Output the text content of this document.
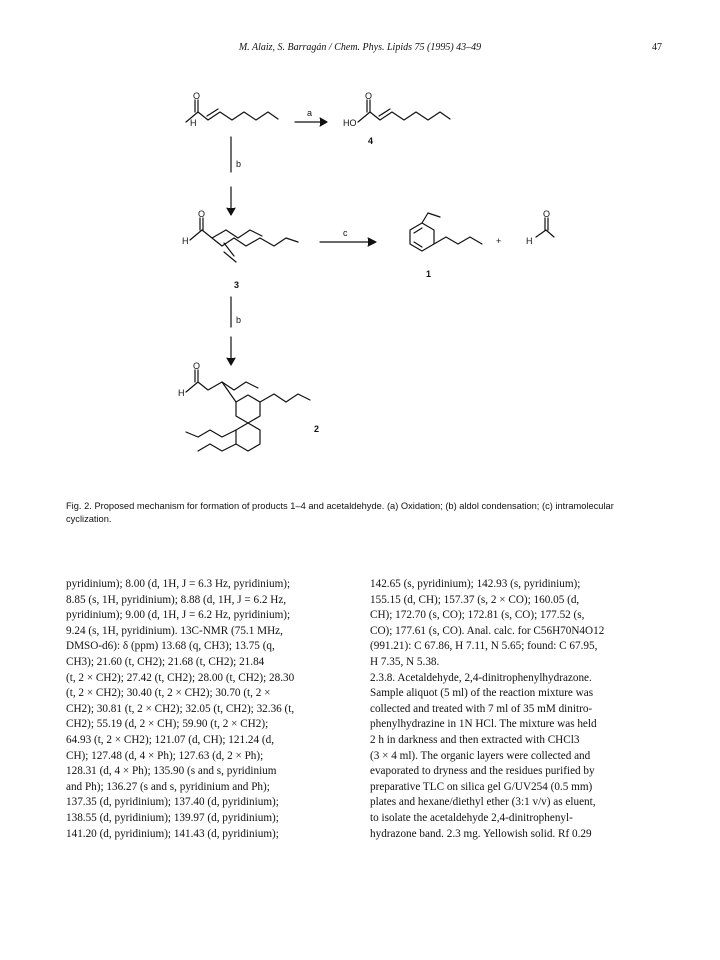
M. Alaiz, S. Barragán / Chem. Phys. Lipids 75 (1995) 43–49	47
H
O
a
HO
O
4
b
H
O
3
c
1
+	H
O
b
H
O
2
Fig. 2. Proposed mechanism for formation of products 1–4 and acetaldehyde. (a) Oxidation; (b) aldol condensation; (c) intramolecular cyclization.
pyridinium); 8.00 (d, 1H, J = 6.3 Hz, pyridinium);
8.85 (s, 1H, pyridinium); 8.88 (d, 1H, J = 6.2 Hz,
pyridinium); 9.00 (d, 1H, J = 6.2 Hz, pyridinium);
9.24 (s, 1H, pyridinium). 13C-NMR (75.1 MHz,
DMSO-d6): δ (ppm) 13.68 (q, CH3); 13.75 (q,
CH3); 21.60 (t, CH2); 21.68 (t, CH2); 21.84
(t, 2 × CH2); 27.42 (t, CH2); 28.00 (t, CH2); 28.30
(t, 2 × CH2); 30.40 (t, 2 × CH2); 30.70 (t, 2 ×
CH2); 30.81 (t, 2 × CH2); 32.05 (t, CH2); 32.36 (t,
CH2); 55.19 (d, 2 × CH); 59.90 (t, 2 × CH2);
64.93 (t, 2 × CH2); 121.07 (d, CH); 121.24 (d,
CH); 127.48 (d, 4 × Ph); 127.63 (d, 2 × Ph);
128.31 (d, 4 × Ph); 135.90 (s and s, pyridinium
and Ph); 136.27 (s and s, pyridinium and Ph);
137.35 (d, pyridinium); 137.40 (d, pyridinium);
138.55 (d, pyridinium); 139.97 (d, pyridinium);
141.20 (d, pyridinium); 141.43 (d, pyridinium);
142.65 (s, pyridinium); 142.93 (s, pyridinium);
155.15 (d, CH); 157.37 (s, 2 × CO); 160.05 (d,
CH); 172.70 (s, CO); 172.81 (s, CO); 177.52 (s,
CO); 177.61 (s, CO). Anal. calc. for C56H70N4O12
(991.21): C 67.86, H 7.11, N 5.65; found: C 67.95,
H 7.35, N 5.38.
2.3.8. Acetaldehyde, 2,4-dinitrophenylhydrazone.
Sample aliquot (5 ml) of the reaction mixture was
collected and treated with 7 ml of 35 mM dinitro-
phenylhydrazine in 1N HCl. The mixture was held
2 h in darkness and then extracted with CHCl3
(3 × 4 ml). The organic layers were collected and
evaporated to dryness and the residues purified by
preparative TLC on silica gel G/UV254 (0.5 mm)
plates and hexane/diethyl ether (3:1 v/v) as eluent,
to isolate the acetaldehyde 2,4-dinitrophenyl-
hydrazone band. 2.3 mg. Yellowish solid. Rf 0.29
